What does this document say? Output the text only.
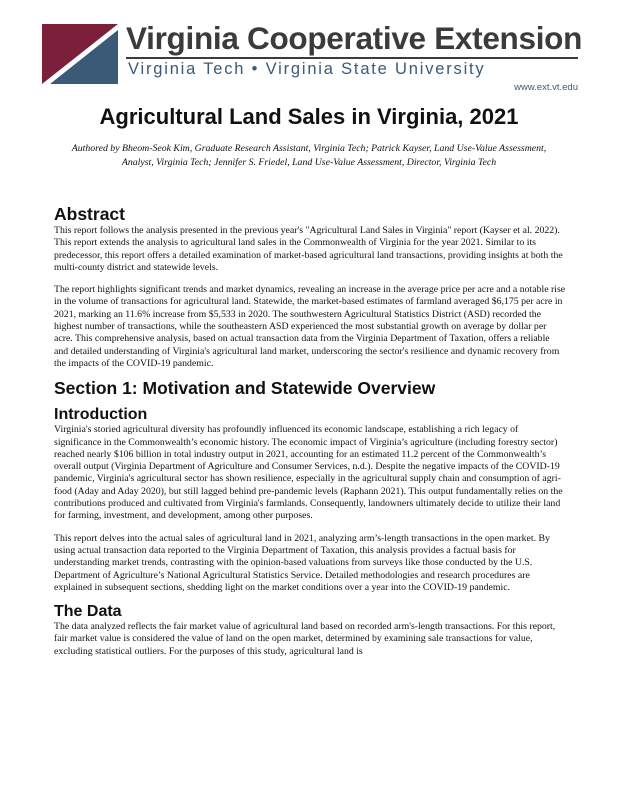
Virginia Cooperative Extension
Virginia Tech • Virginia State University
www.ext.vt.edu
Agricultural Land Sales in Virginia, 2021
Authored by Bheom-Seok Kim, Graduate Research Assistant, Virginia Tech; Patrick Kayser, Land Use-Value Assessment, Analyst, Virginia Tech; Jennifer S. Friedel, Land Use-Value Assessment, Director, Virginia Tech
Abstract

This report follows the analysis presented in the previous year's "Agricultural Land Sales in Virginia" report (Kayser et al. 2022). This report extends the analysis to agricultural land sales in the Commonwealth of Virginia for the year 2021. Similar to its predecessor, this report offers a detailed examination of market-based agricultural land transactions, providing insights at both the multi-county district and statewide levels.

The report highlights significant trends and market dynamics, revealing an increase in the average price per acre and a notable rise in the volume of transactions for agricultural land. Statewide, the market-based estimates of farmland averaged $6,175 per acre in 2021, marking an 11.6% increase from $5,533 in 2020. The southwestern Agricultural Statistics District (ASD) recorded the highest number of transactions, while the southeastern ASD experienced the most substantial growth on average by dollar per acre. This comprehensive analysis, based on actual transaction data from the Virginia Department of Taxation, offers a reliable and detailed understanding of Virginia's agricultural land market, underscoring the sector's resilience and dynamic recovery from the impacts of the COVID-19 pandemic.

Section 1: Motivation and Statewide Overview
Introduction

Virginia's storied agricultural diversity has profoundly influenced its economic landscape, establishing a rich legacy of significance in the Commonwealth’s economic history. The economic impact of Virginia’s agriculture (including forestry sector) reached nearly $106 billion in total industry output in 2021, accounting for an estimated 11.2 percent of the Commonwealth’s overall output (Virginia Department of Agriculture and Consumer Services, n.d.). Despite the negative impacts of the COVID-19 pandemic, Virginia's agricultural sector has shown resilience, especially in the agricultural supply chain and consumption of agri-food (Aday and Aday 2020), but still lagged behind pre-pandemic levels (Raphann 2021). This output fundamentally relies on the contributions produced and cultivated from Virginia's farmlands. Consequently, landowners ultimately decide to utilize their land for farming, investment, and development, among other purposes.

This report delves into the actual sales of agricultural land in 2021, analyzing arm’s-length transactions in the open market. By using actual transaction data reported to the Virginia Department of Taxation, this analysis provides a factual basis for understanding market trends, contrasting with the opinion-based valuations from surveys like those conducted by the U.S. Department of Agriculture’s National Agricultural Statistics Service. Detailed methodologies and research procedures are explained in subsequent sections, shedding light on the market conditions over a year into the COVID-19 pandemic.

The Data

The data analyzed reflects the fair market value of agricultural land based on recorded arm's-length transactions. For this report, fair market value is considered the value of land on the open market, determined by examining sale transactions for value, excluding statistical outliers. For the purposes of this study, agricultural land is
